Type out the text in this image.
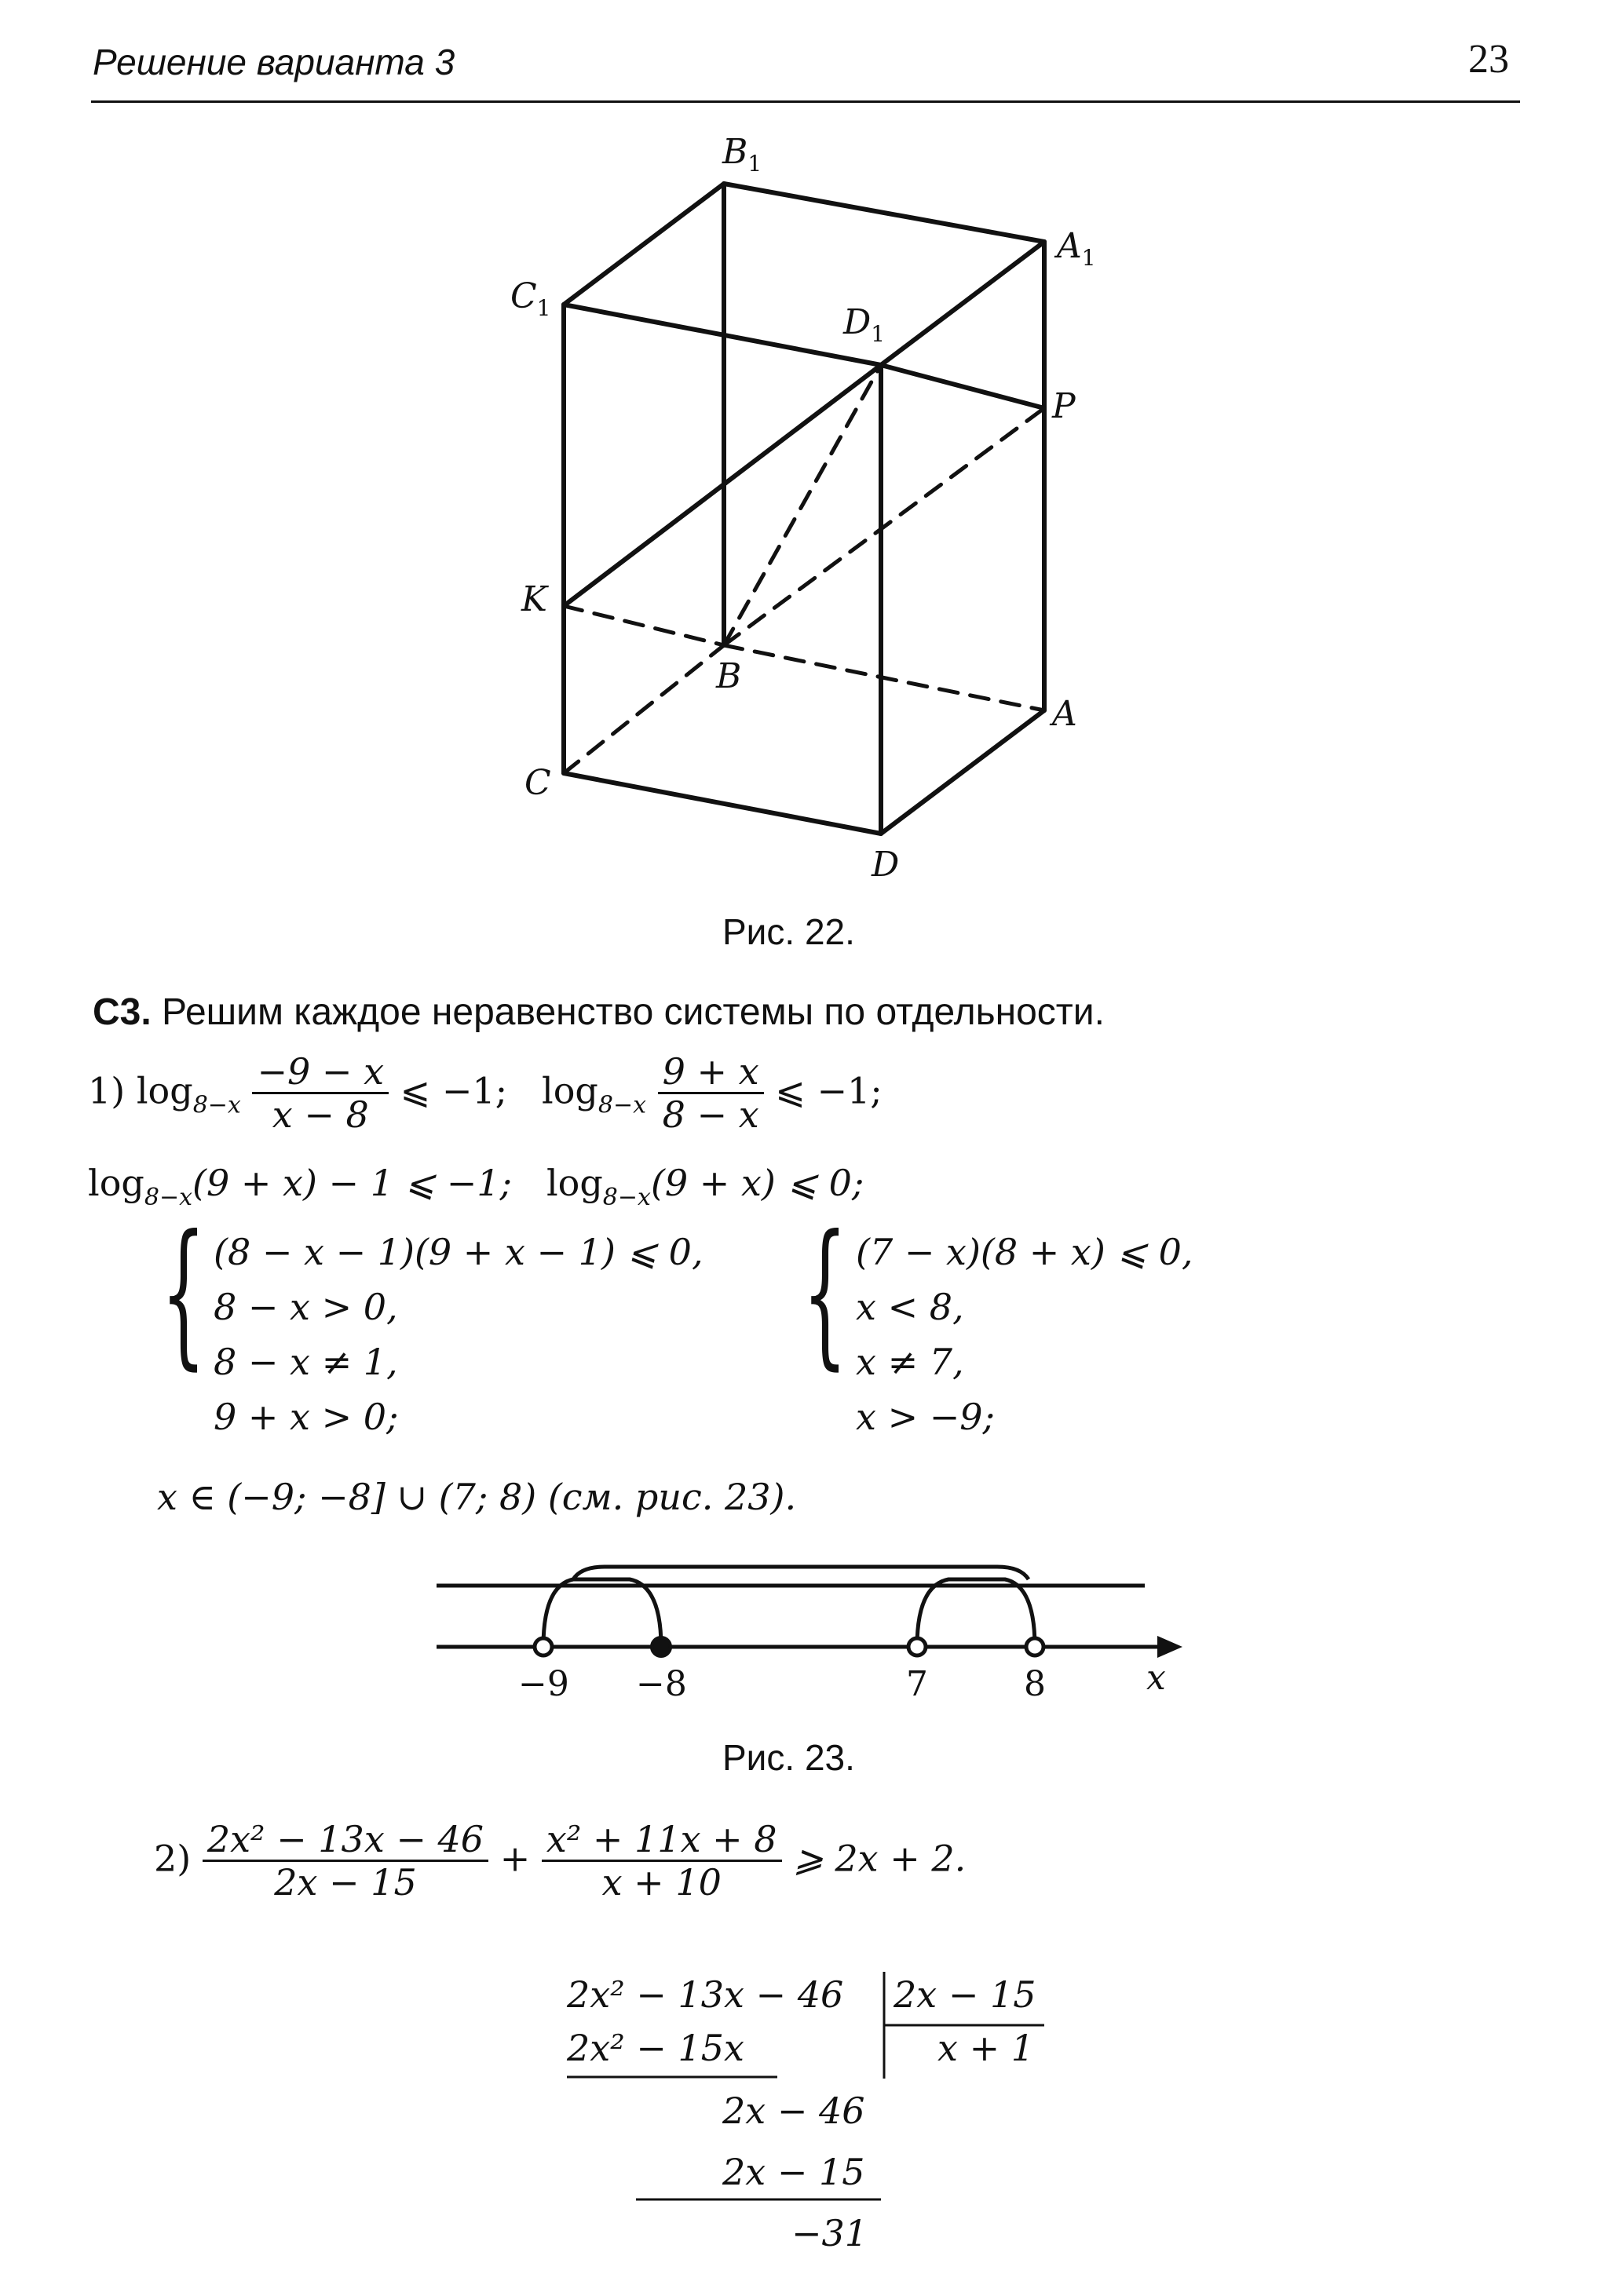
Решение варианта 3	23
$B_1$
$A_1$
$C_1$	$D_1$
P
K
B
A
C
D
Рис. 22.
С3. Решим каждое неравенство системы по отдельности.
1) $\log_{8-x} \frac{-9 - x}{x - 8}$ ⩽ −1; $\log_{8-x} \frac{9 + x}{8 - x}$ ⩽ −1;
$\log_{8-x}(9 + x) - 1$ ⩽ −1; $\log_{8-x}(9 + x)$ ⩽ 0;
{ (8 − x − 1)(9 + x − 1) ⩽ 0,
8 − x > 0,
8 − x ≠ 1,
9 + x > 0;
{ (7 − x)(8 + x) ⩽ 0,
x < 8,
x ≠ 7,
x > −9;
x ∈ (−9; −8] ∪ (7; 8) (см. рис. 23).
−9 −8	7	8	x
Рис. 23.
$2) \frac{\text{2x² − 13x − 46}}{2x - 15} + \frac{\text{x² + 11x + 8}}{x + 10}$ ⩾ 2x + 2.
2x² − 13x − 46 2x − 15
x + 1
2x² − 15x
2x − 46
2x − 15
−31
